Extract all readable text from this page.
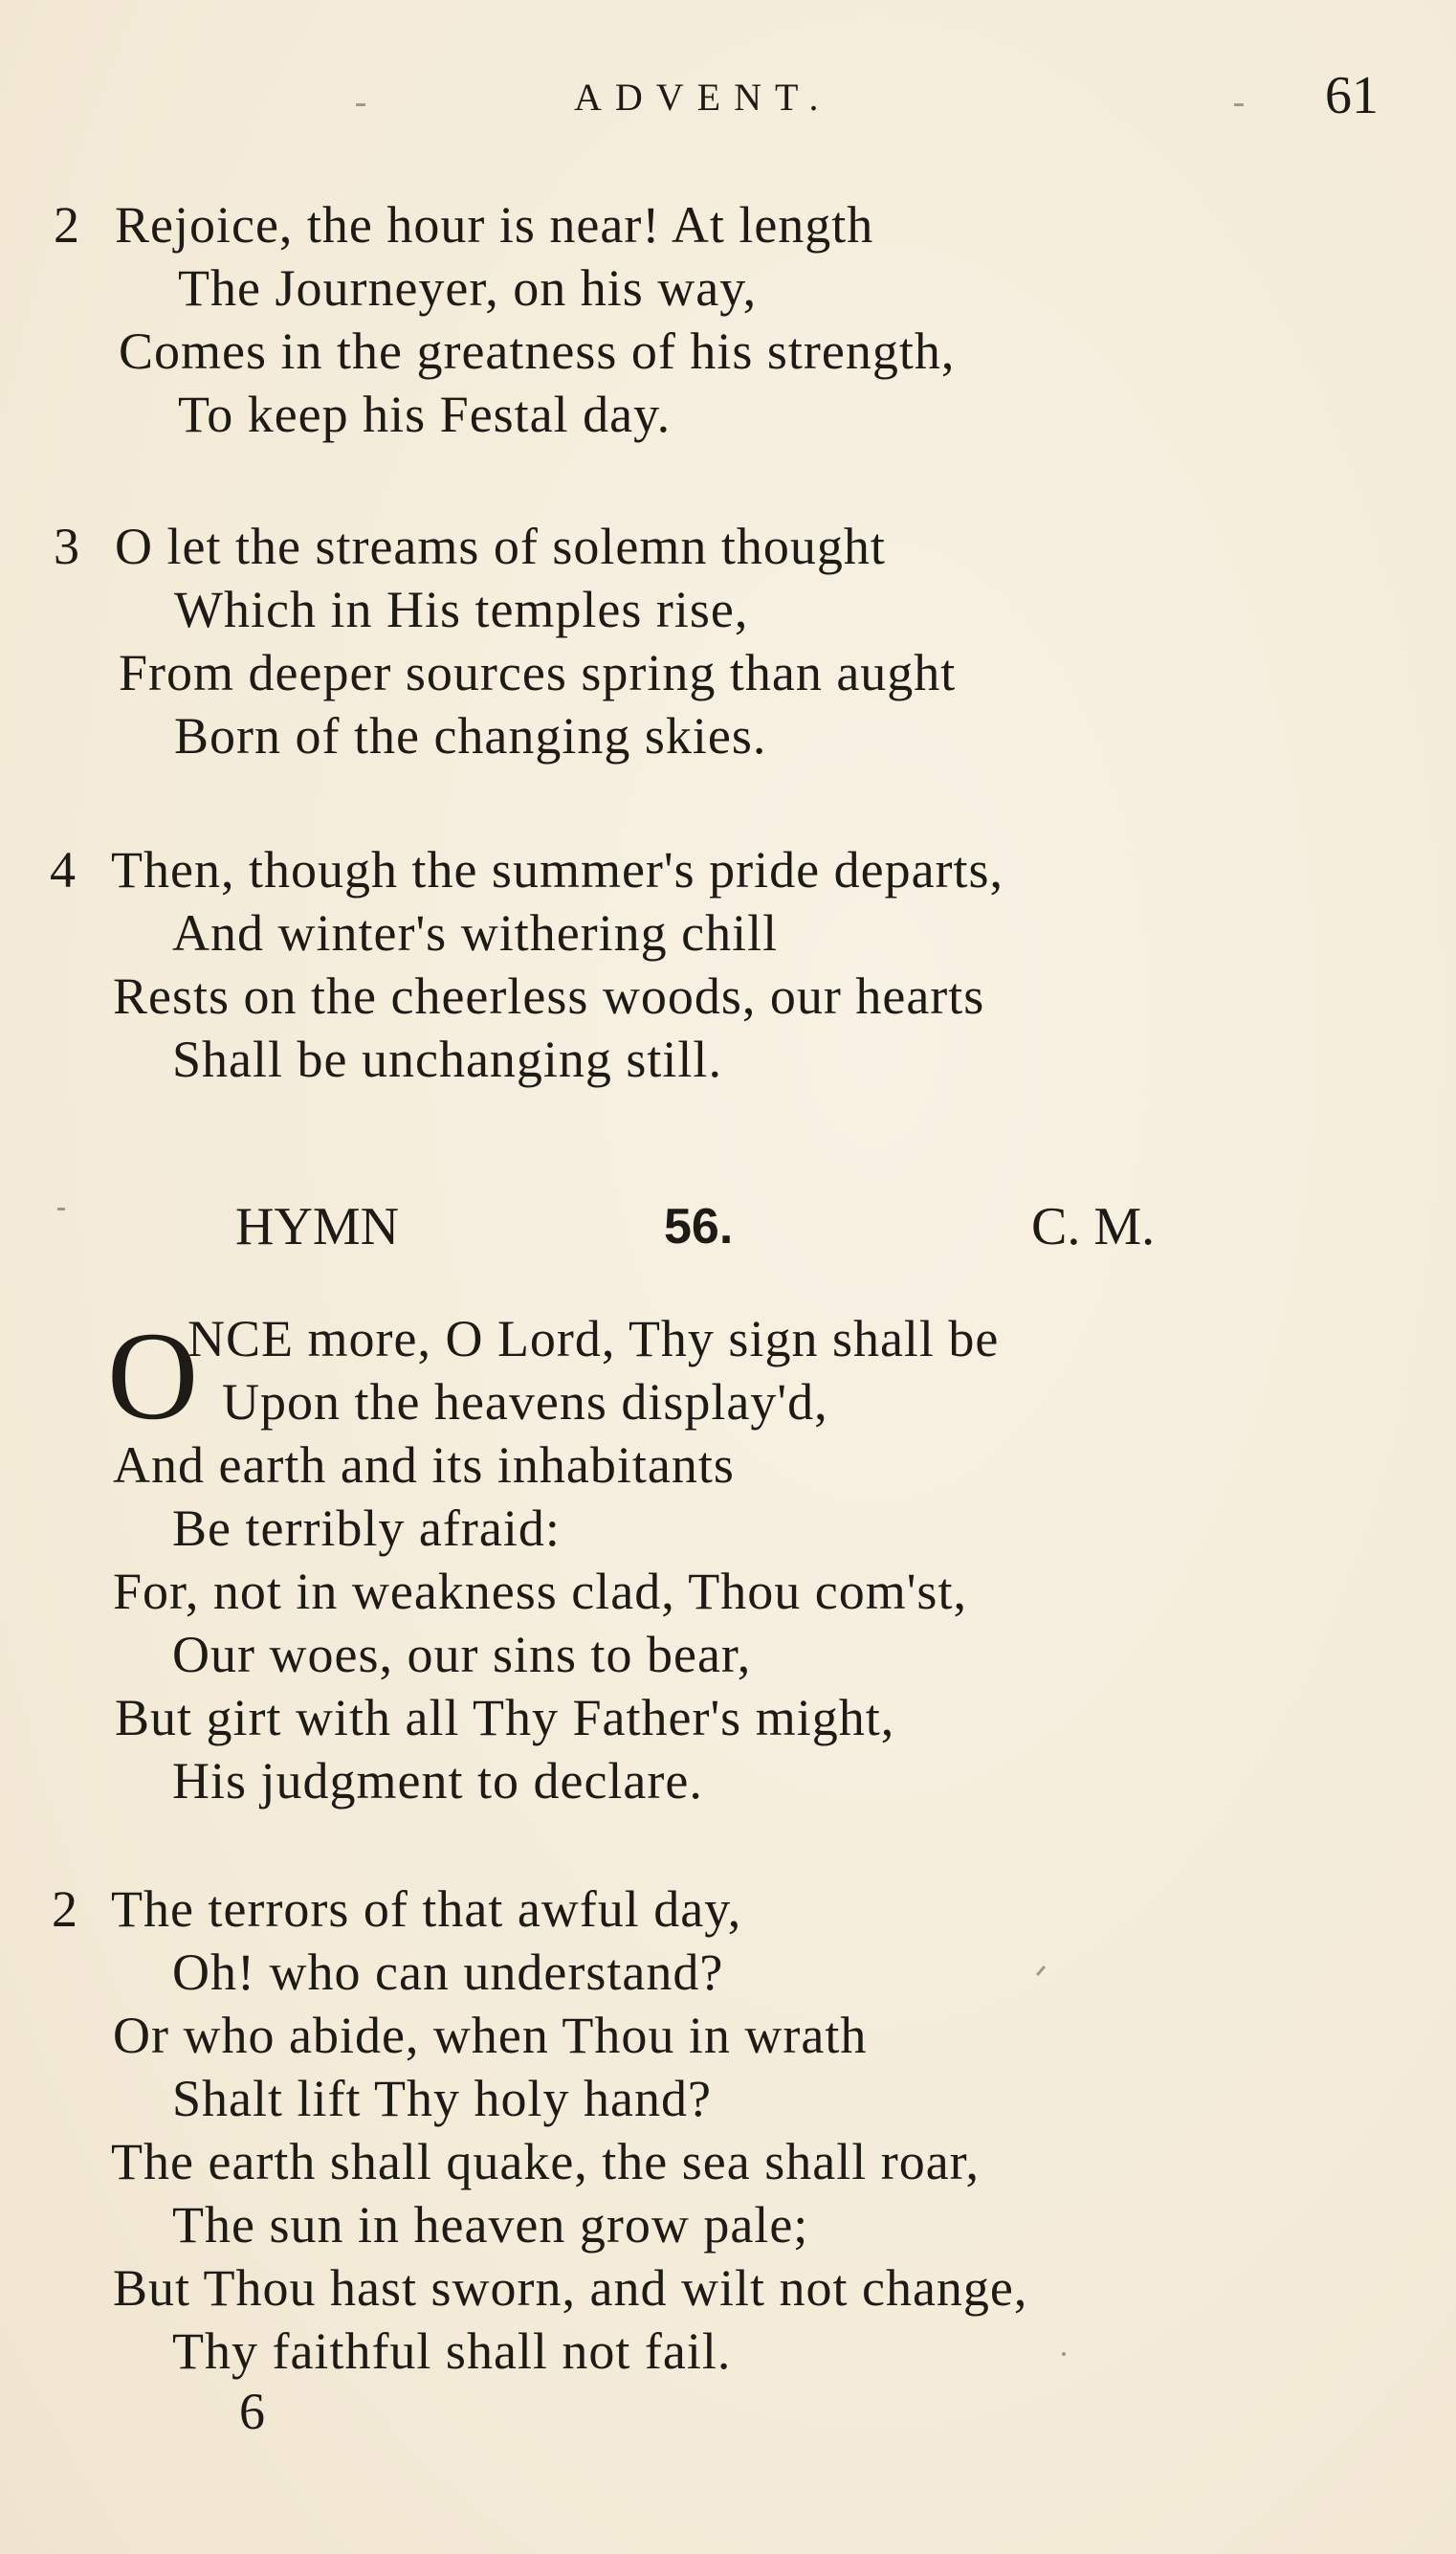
ADVENT.	61
2 Rejoice, the hour is near! At length
The Journeyer, on his way,
Comes in the greatness of his strength,
To keep his Festal day.
3 O let the streams of solemn thought
Which in His temples rise,
From deeper sources spring than aught
Born of the changing skies.
4 Then, though the summer's pride departs,
And winter's withering chill
Rests on the cheerless woods, our hearts
Shall be unchanging still.
HYMN	56.	C. M.
O
NCE more, O Lord, Thy sign shall be
Upon the heavens display'd,
And earth and its inhabitants
Be terribly afraid:
For, not in weakness clad, Thou com'st,
Our woes, our sins to bear,
But girt with all Thy Father's might,
His judgment to declare.
2 The terrors of that awful day,
Oh! who can understand?
Or who abide, when Thou in wrath
Shalt lift Thy holy hand?
The earth shall quake, the sea shall roar,
The sun in heaven grow pale;
But Thou hast sworn, and wilt not change,
Thy faithful shall not fail.
6
